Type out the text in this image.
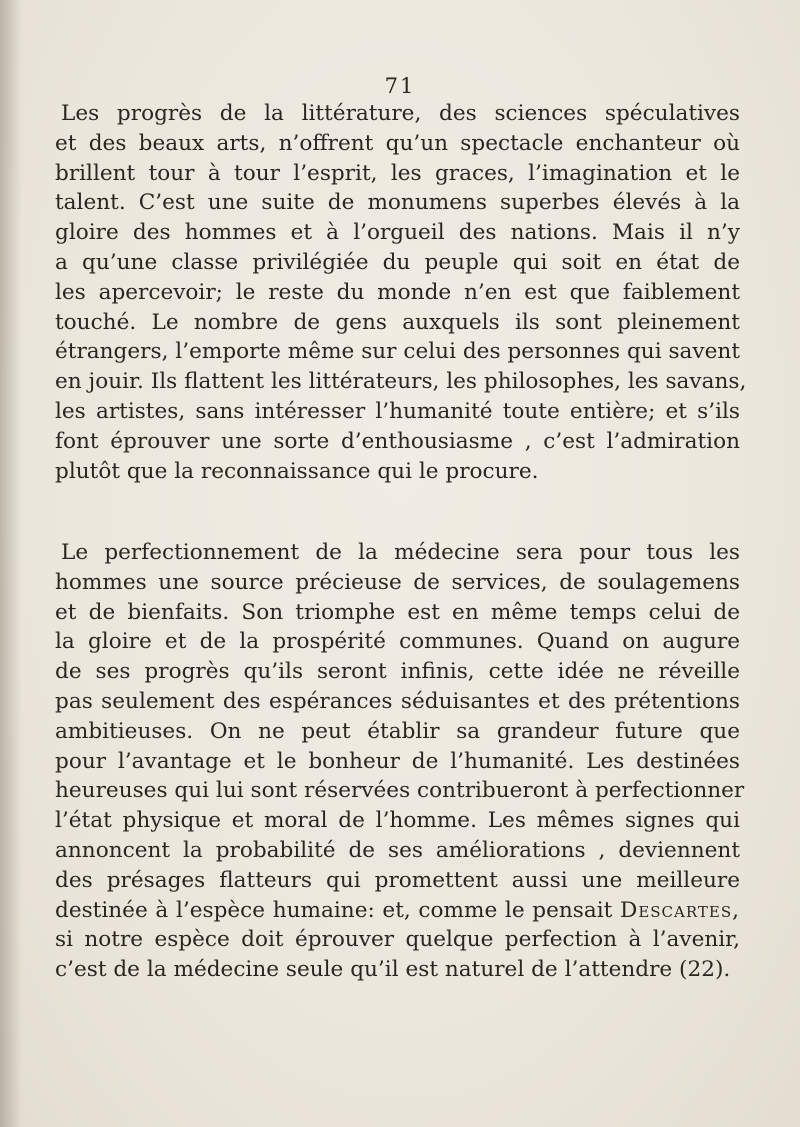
71
Les progrès de la littérature, des sciences spéculatives
et des beaux arts, n’offrent qu’un spectacle enchanteur où
brillent tour à tour l’esprit, les graces, l’imagination et le
talent. C’est une suite de monumens superbes élevés à la
gloire des hommes et à l’orgueil des nations. Mais il n’y
a qu’une classe privilégiée du peuple qui soit en état de
les apercevoir; le reste du monde n’en est que faiblement
touché. Le nombre de gens auxquels ils sont pleinement
étrangers, l’emporte même sur celui des personnes qui savent
en jouir. Ils flattent les littérateurs, les philosophes, les savans,
les artistes, sans intéresser l’humanité toute entière; et s’ils
font éprouver une sorte d’enthousiasme , c’est l’admiration
plutôt que la reconnaissance qui le procure.
Le perfectionnement de la médecine sera pour tous les
hommes une source précieuse de services, de soulagemens
et de bienfaits. Son triomphe est en même temps celui de
la gloire et de la prospérité communes. Quand on augure
de ses progrès qu’ils seront infinis, cette idée ne réveille
pas seulement des espérances séduisantes et des prétentions
ambitieuses. On ne peut établir sa grandeur future que
pour l’avantage et le bonheur de l’humanité. Les destinées
heureuses qui lui sont réservées contribueront à perfectionner
l’état physique et moral de l’homme. Les mêmes signes qui
annoncent la probabilité de ses améliorations , deviennent
des présages flatteurs qui promettent aussi une meilleure
destinée à l’espèce humaine: et, comme le pensait Descartes,
si notre espèce doit éprouver quelque perfection à l’avenir,
c’est de la médecine seule qu’il est naturel de l’attendre (22).
